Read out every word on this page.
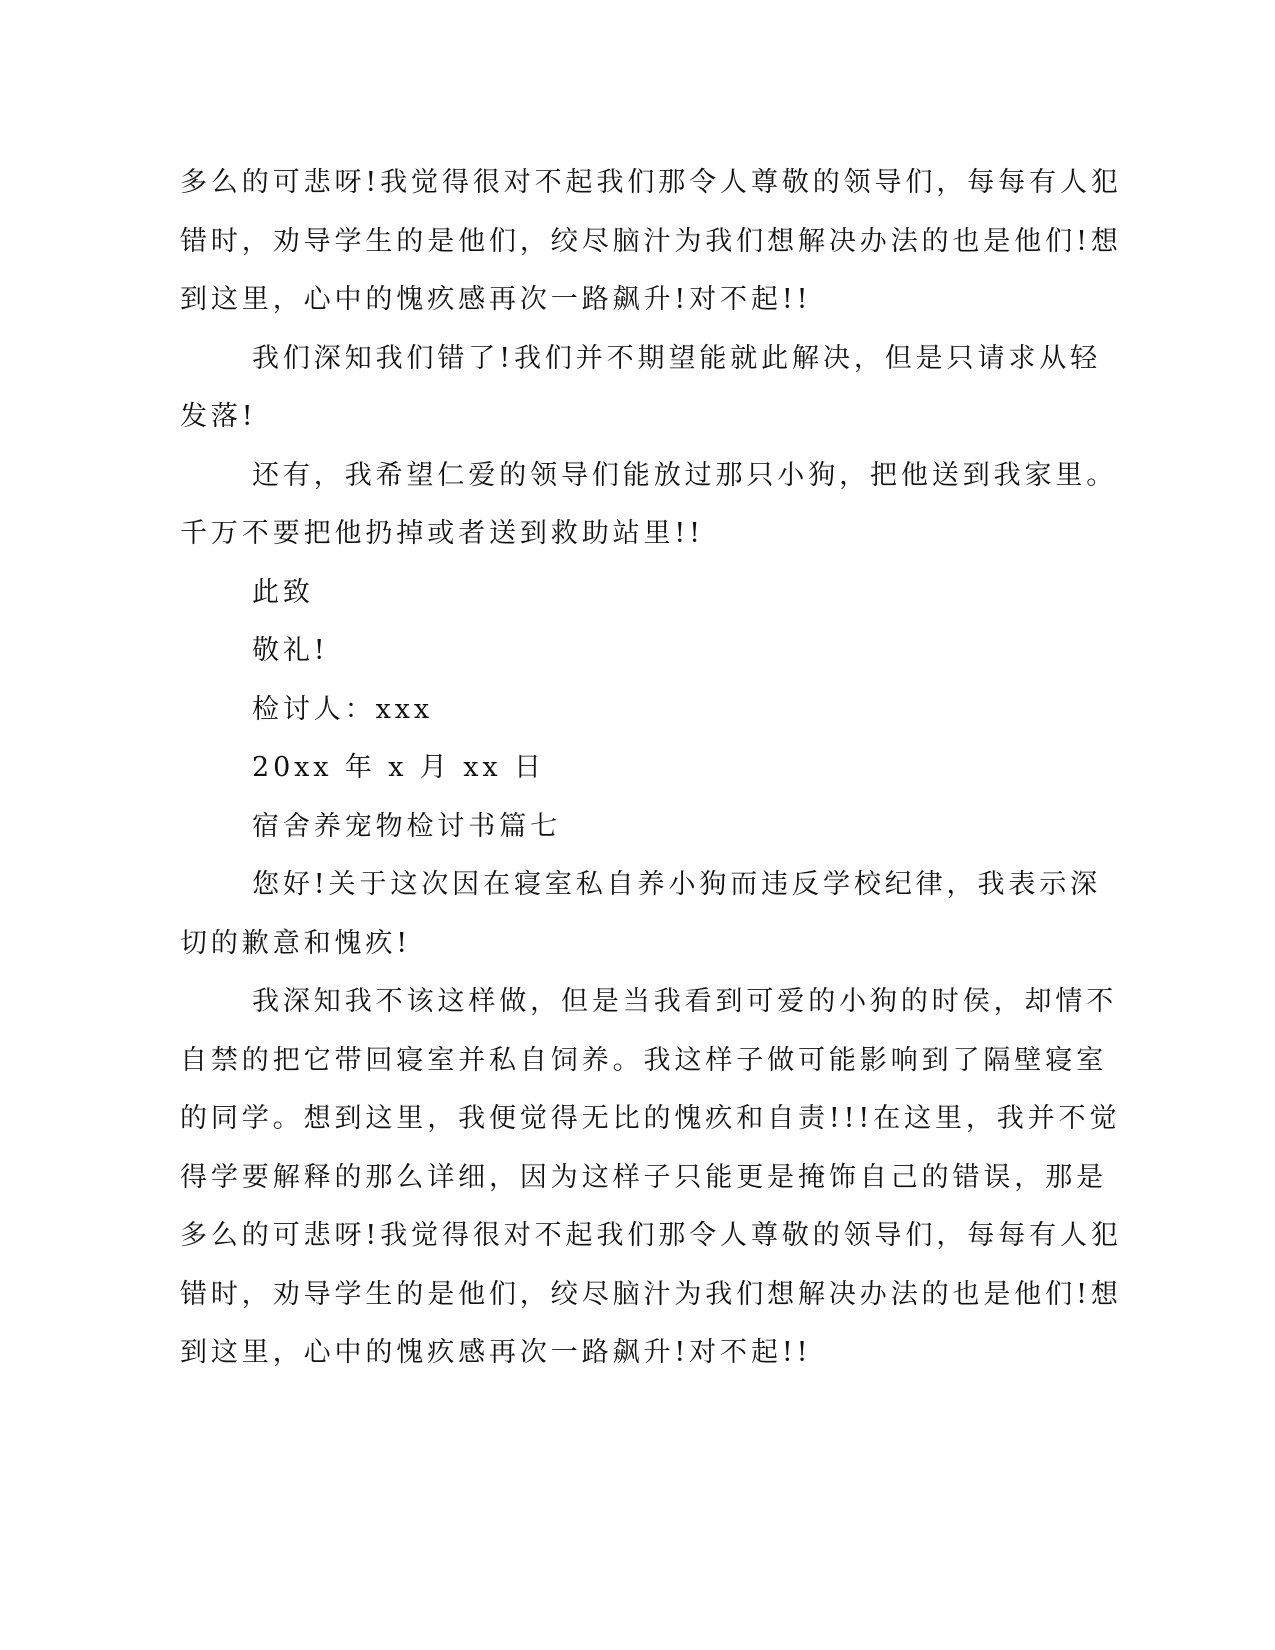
多么的可悲呀!我觉得很对不起我们那令人尊敬的领导们，每每有人犯
错时，劝导学生的是他们，绞尽脑汁为我们想解决办法的也是他们!想
到这里，心中的愧疚感再次一路飙升!对不起!!

我们深知我们错了!我们并不期望能就此解决，但是只请求从轻
发落!

还有，我希望仁爱的领导们能放过那只小狗，把他送到我家里。
千万不要把他扔掉或者送到救助站里!!

此致

敬礼!

检讨人：xxx

20xx 年 x 月 xx 日

宿舍养宠物检讨书篇七

您好!关于这次因在寝室私自养小狗而违反学校纪律，我表示深
切的歉意和愧疚!

我深知我不该这样做，但是当我看到可爱的小狗的时侯，却情不
自禁的把它带回寝室并私自饲养。我这样子做可能影响到了隔壁寝室
的同学。想到这里，我便觉得无比的愧疚和自责!!!在这里，我并不觉
得学要解释的那么详细，因为这样子只能更是掩饰自己的错误，那是
多么的可悲呀!我觉得很对不起我们那令人尊敬的领导们，每每有人犯
错时，劝导学生的是他们，绞尽脑汁为我们想解决办法的也是他们!想
到这里，心中的愧疚感再次一路飙升!对不起!!
